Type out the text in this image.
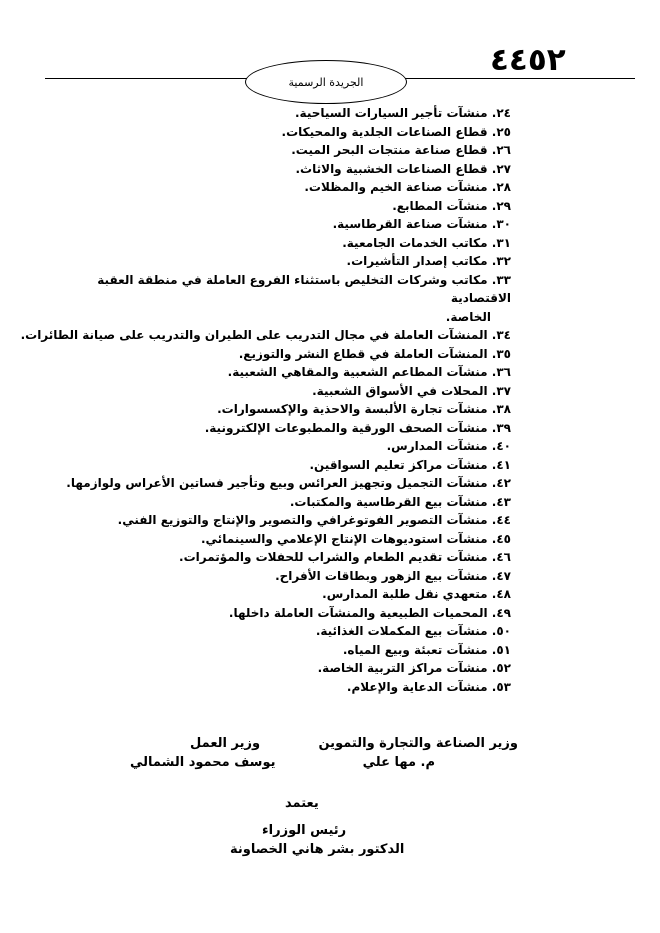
٤٤٥٢
الجريدة الرسمية
٢٤. منشآت تأجير السيارات السياحية.
٢٥. قطاع الصناعات الجلدية والمحيكات.
٢٦. قطاع صناعة منتجات البحر الميت.
٢٧. قطاع الصناعات الخشبية والاثاث.
٢٨. منشآت صناعة الخيم والمظلات.
٢٩. منشآت المطابع.
٣٠. منشآت صناعة القرطاسية.
٣١. مكاتب الخدمات الجامعية.
٣٢. مكاتب إصدار التأشيرات.
٣٣. مكاتب وشركات التخليص باستثناء الفروع العاملة في منطقة العقبة الاقتصادية
الخاصة.
٣٤. المنشآت العاملة في مجال التدريب على الطيران والتدريب على صيانة الطائرات.
٣٥. المنشآت العاملة في قطاع النشر والتوزيع.
٣٦. منشآت المطاعم الشعبية والمقاهي الشعبية.
٣٧. المحلات في الأسواق الشعبية.
٣٨. منشآت تجارة الألبسة والاحذية والإكسسوارات.
٣٩. منشآت الصحف الورقية والمطبوعات الإلكترونية.
٤٠. منشآت المدارس.
٤١. منشآت مراكز تعليم السواقين.
٤٢. منشآت التجميل وتجهيز العرائس وبيع وتأجير فساتين الأعراس ولوازمها.
٤٣. منشآت بيع القرطاسية والمكتبات.
٤٤. منشآت التصوير الفوتوغرافي والتصوير والإنتاج والتوزيع الفني.
٤٥. منشآت استوديوهات الإنتاج الإعلامي والسينمائي.
٤٦. منشآت تقديم الطعام والشراب للحفلات والمؤتمرات.
٤٧. منشآت بيع الزهور وبطاقات الأفراح.
٤٨. متعهدي نقل طلبة المدارس.
٤٩. المحميات الطبيعية والمنشآت العاملة داخلها.
٥٠. منشآت بيع المكملات الغذائية.
٥١. منشآت تعبئة وبيع المياه.
٥٢. منشآت مراكز التربية الخاصة.
٥٣. منشآت الدعاية والإعلام.
وزير الصناعة والتجارة والتموين
م. مها علي
وزير العمل
يوسف محمود الشمالي
يعتمد
رئيس الوزراء
الدكتور بشر هاني الخصاونة
